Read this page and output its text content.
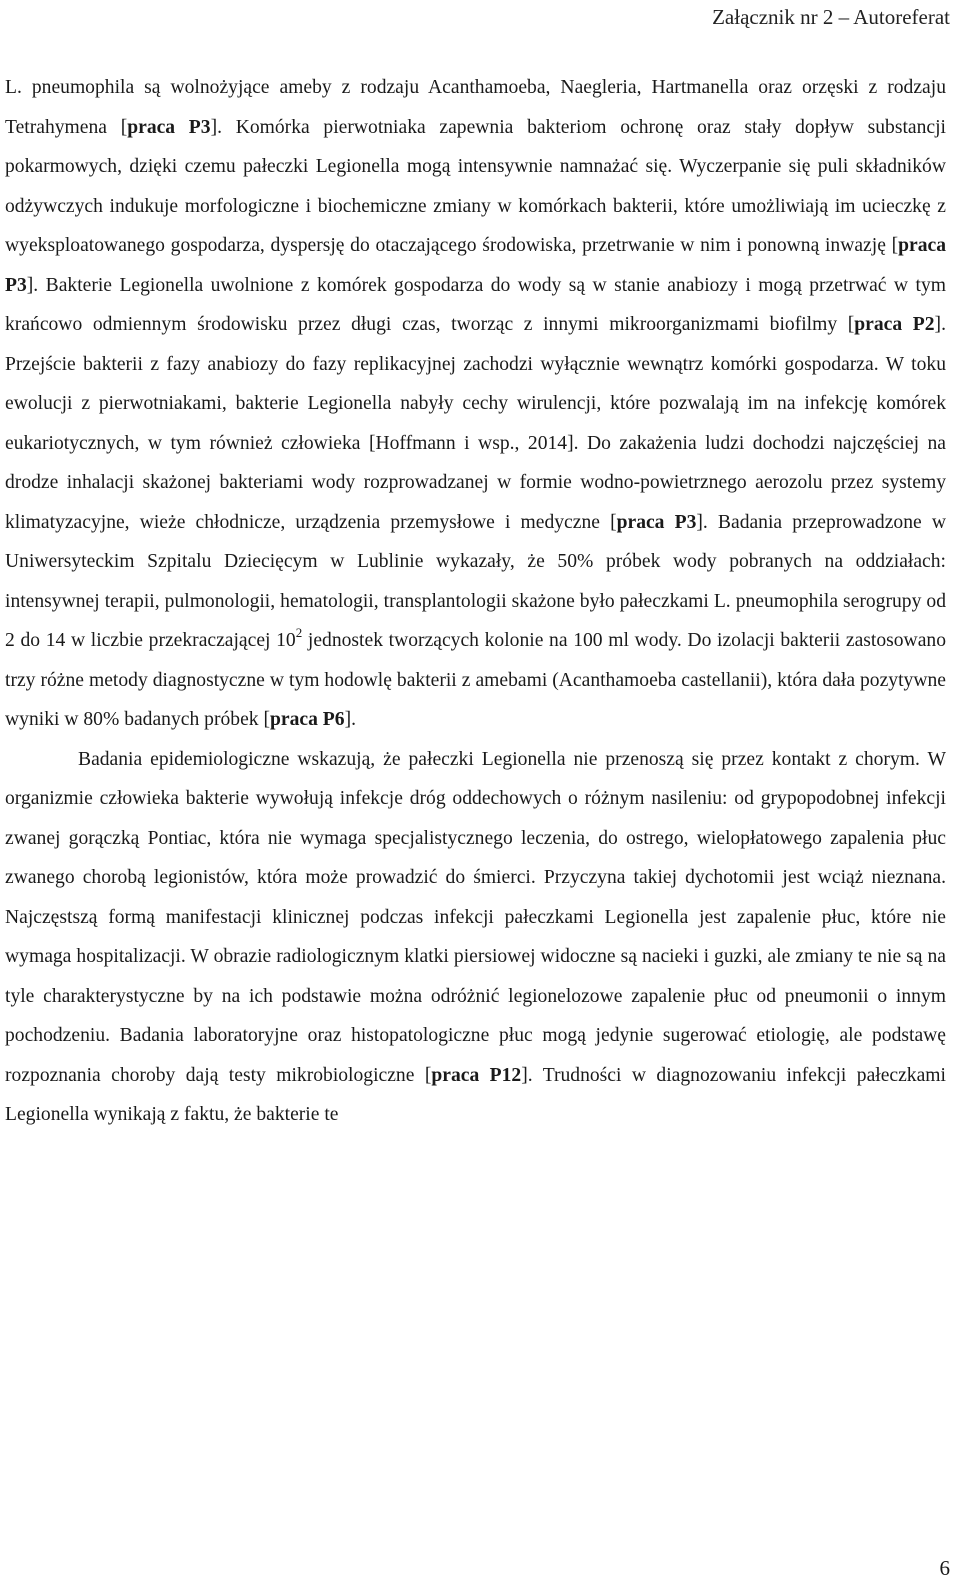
Załącznik nr 2 – Autoreferat

L. pneumophila są wolnożyjące ameby z rodzaju Acanthamoeba, Naegleria, Hartmanella oraz orzęski z rodzaju Tetrahymena [praca P3]. Komórka pierwotniaka zapewnia bakteriom ochronę oraz stały dopływ substancji pokarmowych, dzięki czemu pałeczki Legionella mogą intensywnie namnażać się. Wyczerpanie się puli składników odżywczych indukuje morfologiczne i biochemiczne zmiany w komórkach bakterii, które umożliwiają im ucieczkę z wyeksploatowanego gospodarza, dyspersję do otaczającego środowiska, przetrwanie w nim i ponowną inwazję [praca P3]. Bakterie Legionella uwolnione z komórek gospodarza do wody są w stanie anabiozy i mogą przetrwać w tym krańcowo odmiennym środowisku przez długi czas, tworząc z innymi mikroorganizmami biofilmy [praca P2]. Przejście bakterii z fazy anabiozy do fazy replikacyjnej zachodzi wyłącznie wewnątrz komórki gospodarza. W toku ewolucji z pierwotniakami, bakterie Legionella nabyły cechy wirulencji, które pozwalają im na infekcję komórek eukariotycznych, w tym również człowieka [Hoffmann i wsp., 2014]. Do zakażenia ludzi dochodzi najczęściej na drodze inhalacji skażonej bakteriami wody rozprowadzanej w formie wodno-powietrznego aerozolu przez systemy klimatyzacyjne, wieże chłodnicze, urządzenia przemysłowe i medyczne [praca P3]. Badania przeprowadzone w Uniwersyteckim Szpitalu Dziecięcym w Lublinie wykazały, że 50% próbek wody pobranych na oddziałach: intensywnej terapii, pulmonologii, hematologii, transplantologii skażone było pałeczkami L. pneumophila serogrupy od 2 do 14 w liczbie przekraczającej $10^2$ jednostek tworzących kolonie na 100 ml wody. Do izolacji bakterii zastosowano trzy różne metody diagnostyczne w tym hodowlę bakterii z amebami (Acanthamoeba castellanii), która dała pozytywne wyniki w 80% badanych próbek [praca P6].

Badania epidemiologiczne wskazują, że pałeczki Legionella nie przenoszą się przez kontakt z chorym. W organizmie człowieka bakterie wywołują infekcje dróg oddechowych o różnym nasileniu: od grypopodobnej infekcji zwanej gorączką Pontiac, która nie wymaga specjalistycznego leczenia, do ostrego, wielopłatowego zapalenia płuc zwanego chorobą legionistów, która może prowadzić do śmierci. Przyczyna takiej dychotomii jest wciąż nieznana. Najczęstszą formą manifestacji klinicznej podczas infekcji pałeczkami Legionella jest zapalenie płuc, które nie wymaga hospitalizacji. W obrazie radiologicznym klatki piersiowej widoczne są nacieki i guzki, ale zmiany te nie są na tyle charakterystyczne by na ich podstawie można odróżnić legionelozowe zapalenie płuc od pneumonii o innym pochodzeniu. Badania laboratoryjne oraz histopatologiczne płuc mogą jedynie sugerować etiologię, ale podstawę rozpoznania choroby dają testy mikrobiologiczne [praca P12]. Trudności w diagnozowaniu infekcji pałeczkami Legionella wynikają z faktu, że bakterie te

6
